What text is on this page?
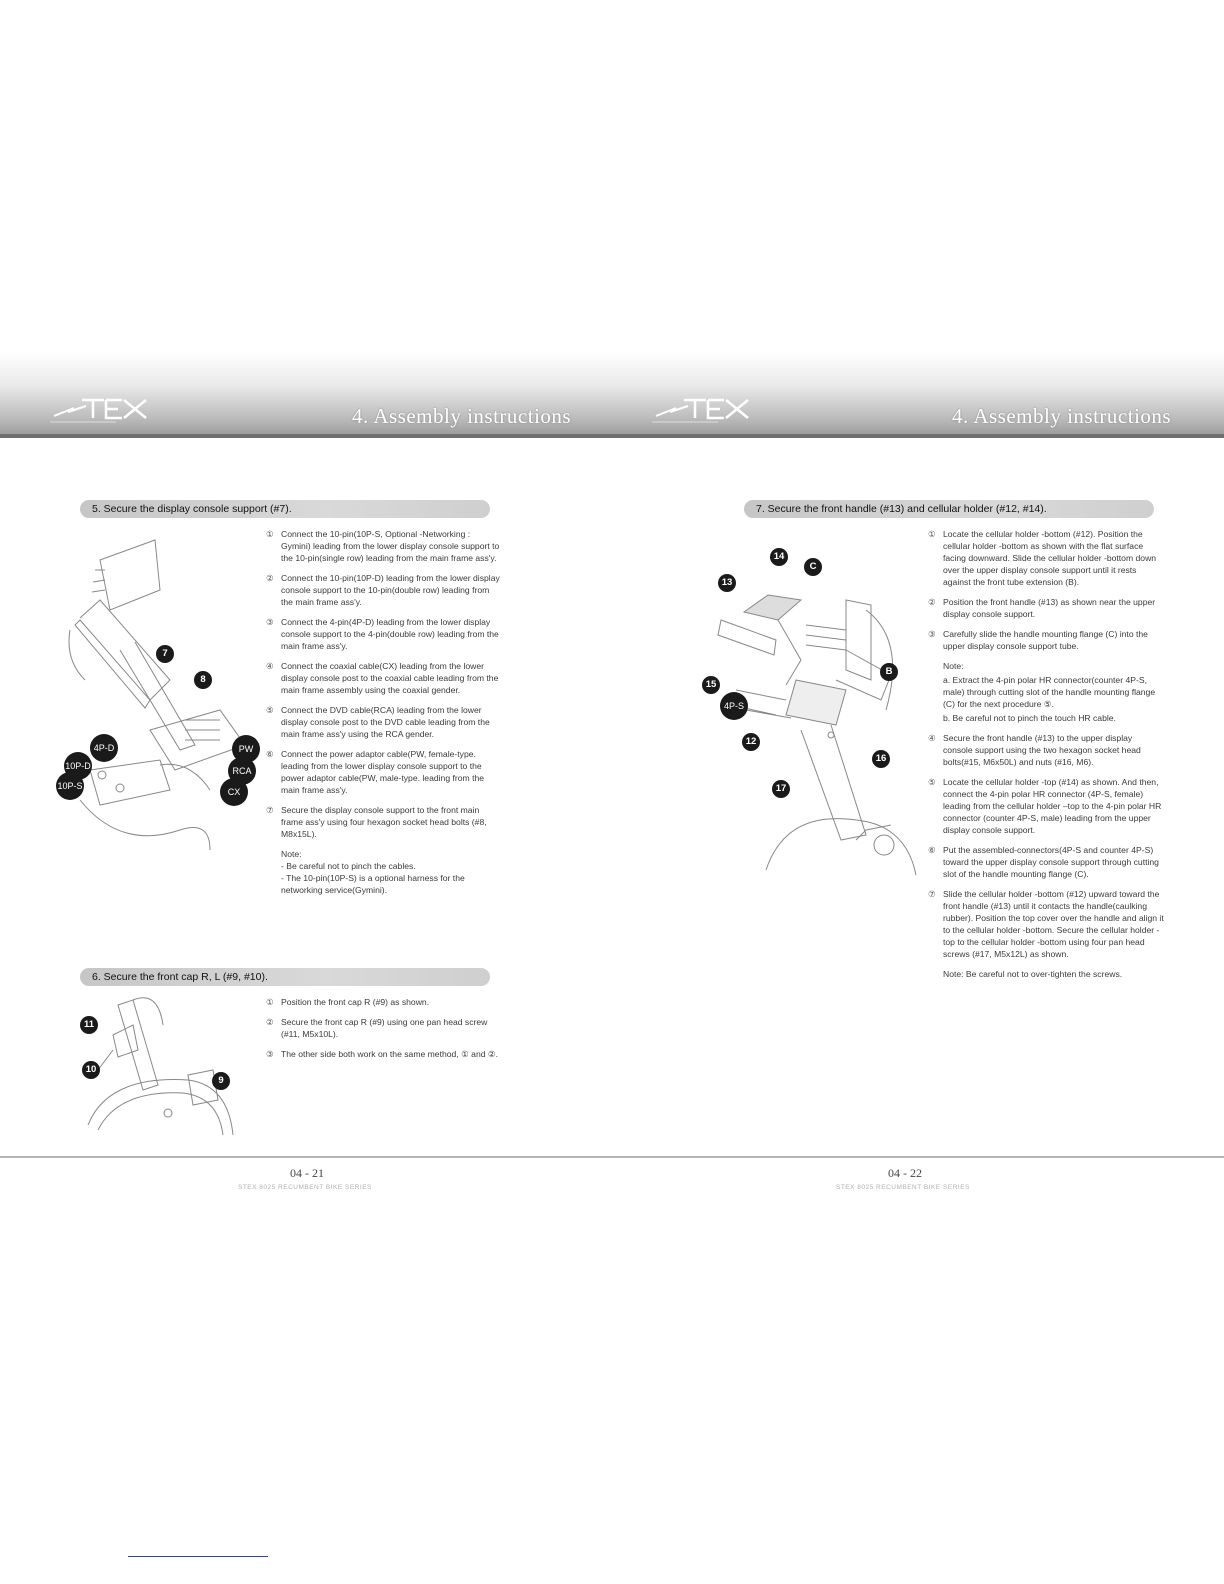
4. Assembly instructions	4. Assembly instructions
5. Secure the display console support (#7).
7
8
4P-D
10P-D
10P-S
PW
RCA
CX
① Connect the 10-pin(10P-S, Optional -Networking : Gymini) leading from the lower display console support to the 10-pin(single row) leading from the main frame ass'y.
② Connect the 10-pin(10P-D) leading from the lower display console support to the 10-pin(double row) leading from the main frame ass'y.
③ Connect the 4-pin(4P-D) leading from the lower display console support to the 4-pin(double row) leading from the main frame ass'y.
④ Connect the coaxial cable(CX) leading from the lower display console post to the coaxial cable leading from the main frame assembly using the coaxial gender.
⑤ Connect the DVD cable(RCA) leading from the lower display console post to the DVD cable leading from the main frame ass'y using the RCA gender.
⑥ Connect the power adaptor cable(PW, female-type. leading from the lower display console support to the power adaptor cable(PW, male-type. leading from the main frame ass'y.
⑦ Secure the display console support to the front main frame ass'y using four hexagon socket head bolts (#8, M8x15L).
Note:
- Be careful not to pinch the cables.
- The 10-pin(10P-S) is a optional harness for the networking service(Gymini).
6. Secure the front cap R, L (#9, #10).
11
10
9
① Position the front cap R (#9) as shown.
② Secure the front cap R (#9) using one pan head screw (#11, M5x10L).
③ The other side both work on the same method, ① and ②.
7. Secure the front handle (#13) and cellular holder (#12, #14).
14
C
13
B
15
4P-S
12
16
17
① Locate the cellular holder -bottom (#12). Position the cellular holder -bottom as shown with the flat surface facing downward. Slide the cellular holder -bottom down over the upper display console support until it rests against the front tube extension (B).
② Position the front handle (#13) as shown near the upper display console support.
③ Carefully slide the handle mounting flange (C) into the upper display console support tube.
Note:
a. Extract the 4-pin polar HR connector(counter 4P-S, male) through cutting slot of the handle mounting flange (C) for the next procedure ⑤.
b. Be careful not to pinch the touch HR cable.
④ Secure the front handle (#13) to the upper display console support using the two hexagon socket head bolts(#15, M6x50L) and nuts (#16, M6).
⑤ Locate the cellular holder -top (#14) as shown. And then, connect the 4-pin polar HR connector (4P-S, female) leading from the cellular holder –top to the 4-pin polar HR connector (counter 4P-S, male) leading from the upper display console support.
⑥ Put the assembled-connectors(4P-S and counter 4P-S) toward the upper display console support through cutting slot of the handle mounting flange (C).
⑦ Slide the cellular holder -bottom (#12) upward toward the front handle (#13) until it contacts the handle(caulking rubber). Position the top cover over the handle and align it to the cellular holder -bottom. Secure the cellular holder -top to the cellular holder -bottom using four pan head screws (#17, M5x12L) as shown.
Note: Be careful not to over-tighten the screws.
04 - 21
STEX 8025 RECUMBENT BIKE SERIES
04 - 22
STEX 8025 RECUMBENT BIKE SERIES
